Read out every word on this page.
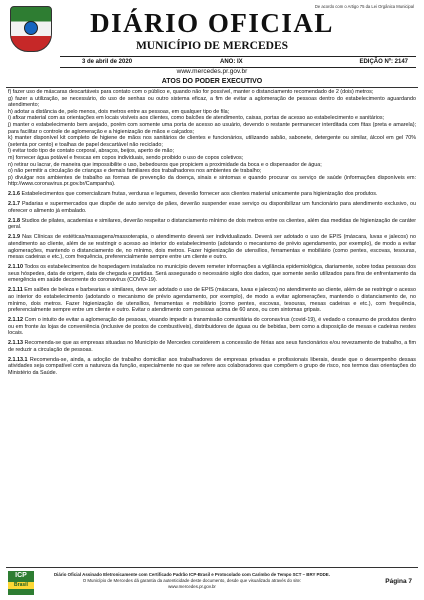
De acordo com o Artigo 75 da Lei Orgânica Municipal
DIÁRIO OFICIAL
MUNICÍPIO DE MERCEDES
3 de abril de 2020	ANO: IX	EDIÇÃO Nº: 2147
www.mercedes.pr.gov.br
ATOS DO PODER EXECUTIVO

f) fazer uso de máscaras descartáveis para contato com o público e, quando não for possível, manter o distanciamento recomendado de 2 (dois) metros;

g) fazer a utilização, se necessário, do uso de senhas ou outro sistema eficaz, a fim de evitar a aglomeração de pessoas dentro do estabelecimento aguardando atendimento;

h) adotar a distância de, pelo menos, dois metros entre as pessoas, em qualquer tipo de fila;

i) afixar material com as orientações em locais visíveis aos clientes, como balcões de atendimento, caixas, portas de acesso ao estabelecimento e sanitários;

j) manter o estabelecimento bem arejado, porém com somente uma porta de acesso ao usuário, devendo o restante permanecer interditada com fitas (preta e amarela); para facilitar o controle de aglomeração e a higienização de mãos e calçados;

k) manter disponível kit completo de higiene de mãos nos sanitários de clientes e funcionários, utilizando sabão, sabonete, detergente ou similar, álcool em gel 70% (setenta por cento) e toalhas de papel descartável não reciclado;

l) evitar todo tipo de contato corporal, abraços, beijos, aperto de mão;

m) fornecer água potável e frescas em copos individuais, sendo proibido o uso de copos coletivos;

n) retirar ou lacrar, de maneira que impossibilite o uso, bebedouros que propiciem a proximidade da boca e o dispensador de água;

o) não permitir a circulação de crianças e demais familiares dos trabalhadores nos ambientes de trabalho;

p) divulgar nos ambientes de trabalho as formas de prevenção da doença, sinais e sintomas e quando procurar os serviço de saúde (informações disponíveis em: http://www.coronavirus.pr.gov.br/Campanha).

2.1.6 Estabelecimentos que comercializam frutas, verduras e legumes, deverão fornecer aos clientes material unicamente para higienização dos produtos.

2.1.7 Padarias e supermercados que dispõe de auto serviço de pães, deverão suspender esse serviço ou disponibilizar um funcionário para atendimento exclusivo, ou oferecer o alimento já embalado.

2.1.8 Studios de pilates, academias e similares, deverão respeitar o distanciamento mínimo de dois metros entre os clientes, além das medidas de higienização de caráter geral.

2.1.9 Nas Clínicas de estéticas/massagens/massoterapia, o atendimento deverá ser individualizado. Deverá ser adotado o uso de EPIS (máscara, luvas e jalecos) no atendimento ao cliente, além de se restringir o acesso ao interior do estabelecimento (adotando o mecanismo de prévio agendamento, por exemplo), de modo a evitar aglomerações, mantendo o distanciamento de, no mínimo, dois metros. Fazer higienização de utensílios, ferramentas e mobiliário (como pentes, escovas, tesouras, mesas cadeiras e etc.), com frequência, preferencialmente sempre entre um cliente e outro.

2.1.10 Todos os estabelecimentos de hospedagem instalados no município devem remeter informações a vigilância epidemiológica, diariamente, sobre todas pessoas dos seus hóspedes, data de origem, data de chegada e partidas. Será assegurado o necessário sigilo dos dados, que somente serão utilizados para fins de enfrentamento da emergência em saúde decorrente do coronavírus (COVID-19).

2.1.11 Em salões de beleza e barbearias e similares, deve ser adotado o uso de EPIS (máscara, luvas e jalecos) no atendimento ao cliente, além de se restringir o acesso ao interior do estabelecimento (adotando o mecanismo de prévio agendamento, por exemplo), de modo a evitar aglomerações, mantendo o distanciamento de, no mínimo, dois metros. Fazer higienização de utensílios, ferramentas e mobiliário (como pentes, escovas, tesouras, mesas cadeiras e etc.), com frequência, preferencialmente sempre entre um cliente e outro. Evitar o atendimento com pessoas acima de 60 anos, ou com sintomas gripais.

2.1.12 Com o intuito de evitar a aglomeração de pessoas, visando impedir a transmissão comunitária do coronavírus (covid-19), é vedado o consumo de produtos dentro ou em fronte às lojas de conveniência (inclusive de postos de combustíveis), distribuidores de águas ou de bebidas, bem como a disposição de mesas e cadeiras nestes locais.

2.1.13 Recomenda-se que as empresas situadas no Município de Mercedes considerem a concessão de férias aos seus funcionários e/ou revezamento de trabalho, a fim de reduzir a circulação de pessoas.

2.1.13.1 Recomenda-se, ainda, a adoção de trabalho domiciliar aos trabalhadores de empresas privadas e profissionais liberais, desde que o desempenho dessas atividades seja compatível com a natureza da função, especialmente no que se refere aos colaboradores que compõem o grupo de risco, nos termos das orientações do Ministério da Saúde.

ICP
Brasil
Diário Oficial Assinado Eletronicamente com Certificado Padrão ICP-Brasil e Protocolado com Carimbo de Tempo SCT – BRY PDDE.
O Município de Mercedes dá garantia da autenticidade deste documento, desde que visualizado através do site:
www.mercedes.pr.gov.br
Página 7
